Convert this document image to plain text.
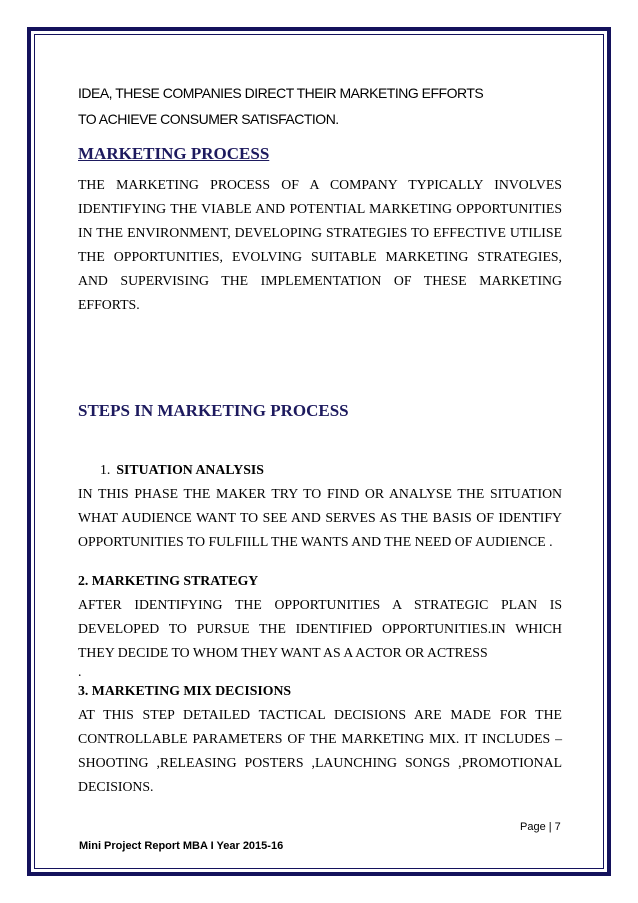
IDEA, THESE COMPANIES DIRECT THEIR MARKETING EFFORTS

TO ACHIEVE CONSUMER SATISFACTION.

MARKETING PROCESS

THE MARKETING PROCESS OF A COMPANY TYPICALLY INVOLVES IDENTIFYING THE VIABLE AND POTENTIAL MARKETING OPPORTUNITIES IN THE ENVIRONMENT, DEVELOPING STRATEGIES TO EFFECTIVE UTILISE THE OPPORTUNITIES, EVOLVING SUITABLE MARKETING STRATEGIES, AND SUPERVISING THE IMPLEMENTATION OF THESE MARKETING EFFORTS.

STEPS IN MARKETING PROCESS
1. SITUATION ANALYSIS

IN THIS PHASE THE MAKER TRY TO FIND OR ANALYSE THE SITUATION WHAT AUDIENCE WANT TO SEE AND SERVES AS THE BASIS OF IDENTIFY OPPORTUNITIES TO FULFIILL THE WANTS AND THE NEED OF AUDIENCE .

2. MARKETING STRATEGY

AFTER IDENTIFYING THE OPPORTUNITIES A STRATEGIC PLAN IS DEVELOPED TO PURSUE THE IDENTIFIED OPPORTUNITIES.IN WHICH THEY DECIDE TO WHOM THEY WANT AS A ACTOR OR ACTRESS

.
3. MARKETING MIX DECISIONS

AT THIS STEP DETAILED TACTICAL DECISIONS ARE MADE FOR THE CONTROLLABLE PARAMETERS OF THE MARKETING MIX. IT INCLUDES – SHOOTING ,RELEASING POSTERS ,LAUNCHING SONGS ,PROMOTIONAL DECISIONS.

Page | 7
Mini Project Report MBA I Year 2015-16
